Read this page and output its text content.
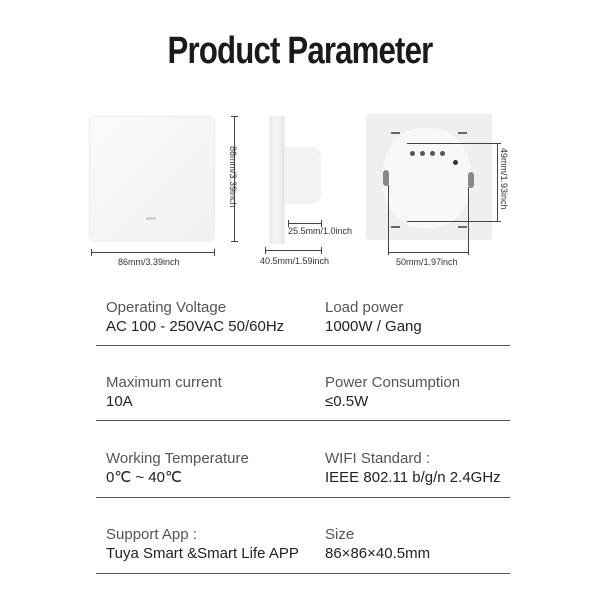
Product Parameter
86mm/3.39inch
86mm/3.39inch
25.5mm/1.0inch
40.5mm/1.59inch
49mm/1.93inch
50mm/1.97inch
Operating Voltage
AC 100 - 250VAC 50/60Hz
Load power
1000W / Gang
Maximum current
10A
Power Consumption
≤0.5W
Working Temperature
0℃ ~ 40℃
WIFI Standard :
IEEE 802.11 b/g/n 2.4GHz
Support App :
Tuya Smart &Smart Life APP
Size
86×86×40.5mm
